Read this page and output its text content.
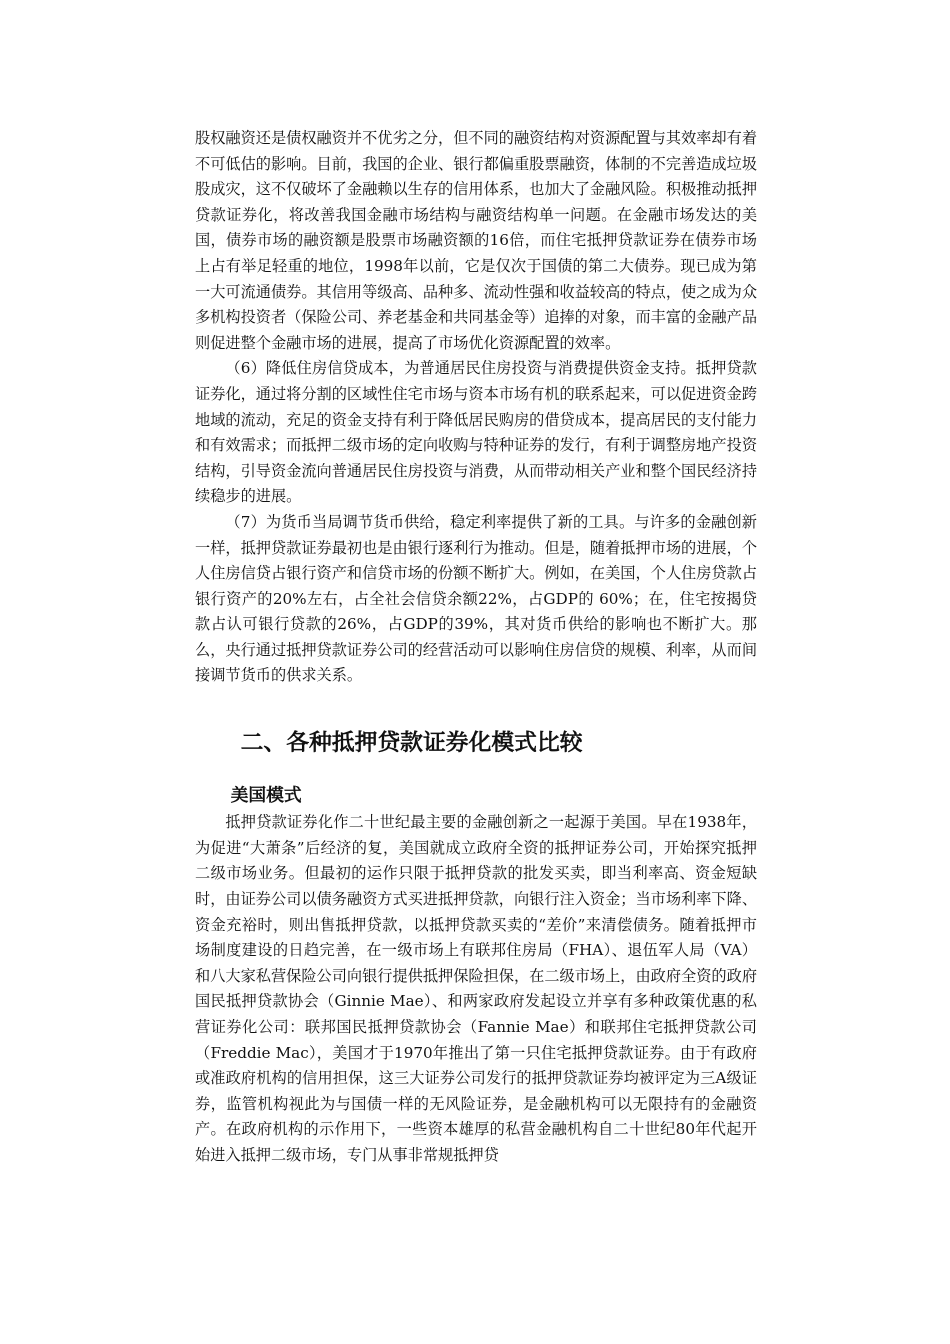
股权融资还是债权融资并不优劣之分，但不同的融资结构对资源配置与其效率却有着不可低估的影响。目前，我国的企业、银行都偏重股票融资，体制的不完善造成垃圾股成灾，这不仅破坏了金融赖以生存的信用体系，也加大了金融风险。积极推动抵押贷款证券化，将改善我国金融市场结构与融资结构单一问题。在金融市场发达的美国，债券市场的融资额是股票市场融资额的16倍，而住宅抵押贷款证券在债券市场上占有举足轻重的地位，1998年以前，它是仅次于国债的第二大债券。现已成为第一大可流通债券。其信用等级高、品种多、流动性强和收益较高的特点，使之成为众多机构投资者（保险公司、养老基金和共同基金等）追捧的对象，而丰富的金融产品则促进整个金融市场的进展，提高了市场优化资源配置的效率。

（6）降低住房信贷成本，为普通居民住房投资与消费提供资金支持。抵押贷款证券化，通过将分割的区域性住宅市场与资本市场有机的联系起来，可以促进资金跨地域的流动，充足的资金支持有利于降低居民购房的借贷成本，提高居民的支付能力和有效需求；而抵押二级市场的定向收购与特种证券的发行，有利于调整房地产投资结构，引导资金流向普通居民住房投资与消费，从而带动相关产业和整个国民经济持续稳步的进展。

（7）为货币当局调节货币供给，稳定利率提供了新的工具。与许多的金融创新一样，抵押贷款证券最初也是由银行逐利行为推动。但是，随着抵押市场的进展，个人住房信贷占银行资产和信贷市场的份额不断扩大。例如，在美国，个人住房贷款占银行资产的20%左右，占全社会信贷余额22%，占GDP的 60%；在，住宅按揭贷款占认可银行贷款的26%，占GDP的39%，其对货币供给的影响也不断扩大。那么，央行通过抵押贷款证券公司的经营活动可以影响住房信贷的规模、利率，从而间接调节货币的供求关系。

二、各种抵押贷款证券化模式比较
美国模式

抵押贷款证券化作二十世纪最主要的金融创新之一起源于美国。早在1938年，为促进“大萧条”后经济的复，美国就成立政府全资的抵押证券公司，开始探究抵押二级市场业务。但最初的运作只限于抵押贷款的批发买卖，即当利率高、资金短缺时，由证券公司以债务融资方式买进抵押贷款，向银行注入资金；当市场利率下降、资金充裕时，则出售抵押贷款，以抵押贷款买卖的“差价”来清偿债务。随着抵押市场制度建设的日趋完善，在一级市场上有联邦住房局（FHA）、退伍军人局（VA）和八大家私营保险公司向银行提供抵押保险担保，在二级市场上，由政府全资的政府国民抵押贷款协会（Ginnie Mae）、和两家政府发起设立并享有多种政策优惠的私营证券化公司：联邦国民抵押贷款协会（Fannie Mae）和联邦住宅抵押贷款公司（Freddie Mac），美国才于1970年推出了第一只住宅抵押贷款证券。由于有政府或准政府机构的信用担保，这三大证券公司发行的抵押贷款证券均被评定为三A级证券，监管机构视此为与国债一样的无风险证券，是金融机构可以无限持有的金融资产。在政府机构的示作用下，一些资本雄厚的私营金融机构自二十世纪80年代起开始进入抵押二级市场，专门从事非常规抵押贷
